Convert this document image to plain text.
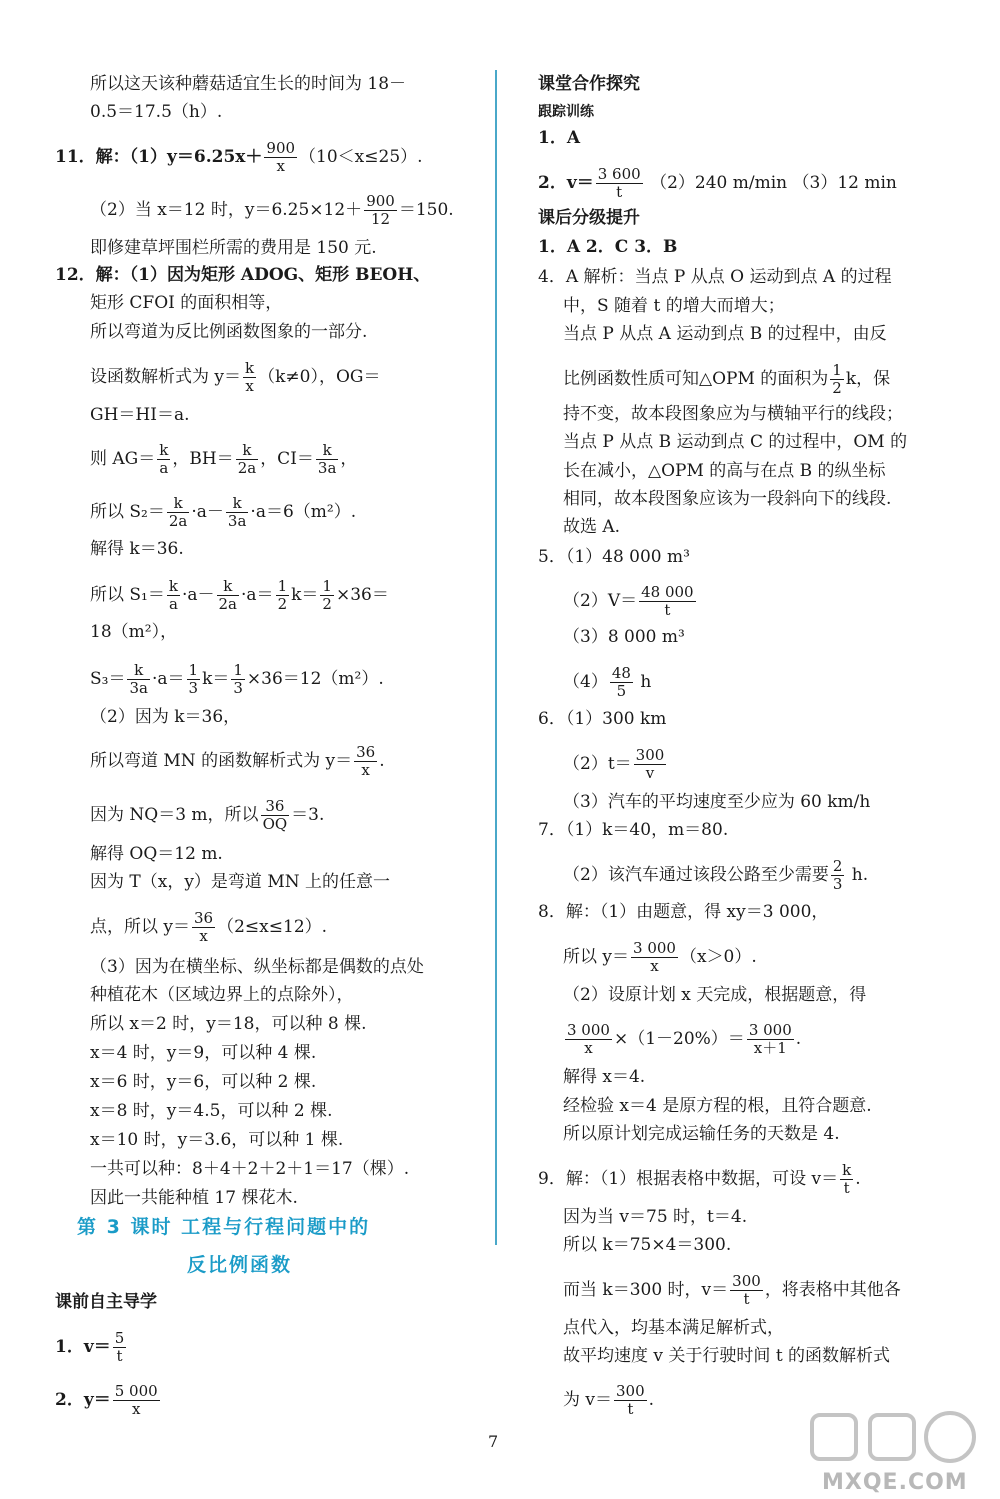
所以这天该种蘑菇适宜生长的时间为 18－
0.5＝17.5（h）.
11．解：$(1)y=6.25x+ \frac{900}{x} (10<x\le 25)$.
（2）当 x＝12 时，$y=6.25\times 12+ \frac{900}{12} =150$.
即修建草坪围栏所需的费用是 150 元.
12．解：（1）因为矩形 ADOG、矩形 BEOH、
矩形 CFOI 的面积相等，
所以弯道为反比例函数图象的一部分.
设函数解析式为 $y= \frac{k}{x} (k\ne 0)$，OG＝
GH＝HI＝a.
则 $AG= \frac{k}{a}$ ，$BH= \frac{k}{2a}$ ，$CI= \frac{k}{3a}$ ，
所以 $S_2= \frac{k}{2a} \cdot a- \frac{k}{3a} \cdot a=6(m^2)$.
解得 k＝36.
所以 $S_1= \frac{k}{a} \cdot a- \frac{k}{2a} \cdot a= \frac{1}{2} k= \frac{1}{2} \times 36=$
18（m²），
$S_3= \frac{k}{3a} \cdot a= \frac{1}{3} k= \frac{1}{3} \times 36=12(m^2)$.
（2）因为 k＝36，
所以弯道 MN 的函数解析式为 $y= \frac{36}{x}$ .
因为 NQ＝3 m，所以 $\frac{36}{OQ} =3$.
解得 OQ＝12 m.
因为 T（x，y）是弯道 MN 上的任意一
点，所以 $y= \frac{36}{x} (2\le x\le 12)$.
（3）因为在横坐标、纵坐标都是偶数的点处
种植花木（区域边界上的点除外），
所以 x＝2 时，y＝18，可以种 8 棵.
x＝4 时，y＝9，可以种 4 棵.
x＝6 时，y＝6，可以种 2 棵.
x＝8 时，y＝4.5，可以种 2 棵.
x＝10 时，y＝3.6，可以种 1 棵.
一共可以种：8＋4＋2＋2＋1＝17（棵）.
因此一共能种植 17 棵花木.
第 3 课时 工程与行程问题中的
反比例函数
课前自主导学
1．$v= \frac{5}{t}$
2．$y= \frac{5 000}{x}$
课堂合作探究
跟踪训练
1．A
2．$v= \frac{3 600}{t} (2)240$ m/min （3）12 min
课后分级提升
1．A 2．C 3．B
4．A 解析：当点 P 从点 O 运动到点 A 的过程
中，S 随着 t 的增大而增大；
当点 P 从点 A 运动到点 B 的过程中，由反
比例函数性质可知△OPM 的面积为 $\frac{1}{2}$ k，保
持不变，故本段图象应为与横轴平行的线段；
当点 P 从点 B 运动到点 C 的过程中，OM 的
长在减小，△OPM 的高与在点 B 的纵坐标
相同，故本段图象应该为一段斜向下的线段.
故选 A.
5．（1）48 000 m³
$(2)V= \frac{48 000}{t}$
（3）8 000 m³
$(4) \frac{48}{5}$ h
6．（1）300 km
$(2)t= \frac{300}{v}$
（3）汽车的平均速度至少应为 60 km/h
7．（1）k＝40，m＝80.
（2）该汽车通过该段公路至少需要 $\frac{2}{3} h$.
8．解：（1）由题意，得 xy＝3 000，
所以 $y= \frac{3 000}{x} (x>0)$.
（2）设原计划 x 天完成，根据题意，得
$\frac{3 000}{x} \times(1-20\%)= \frac{3 000}{x+1}$ .
解得 x＝4.
经检验 x＝4 是原方程的根，且符合题意.
所以原计划完成运输任务的天数是 4.
9．解：（1）根据表格中数据，可设 $v= \frac{k}{t}$ .
因为当 v＝75 时，t＝4.
所以 k＝75×4＝300.
而当 k＝300 时，$v= \frac{300}{t}$ ，将表格中其他各
点代入，均基本满足解析式，
故平均速度 v 关于行驶时间 t 的函数解析式
为 $v= \frac{300}{t}$ .
7
MXQE.COM
